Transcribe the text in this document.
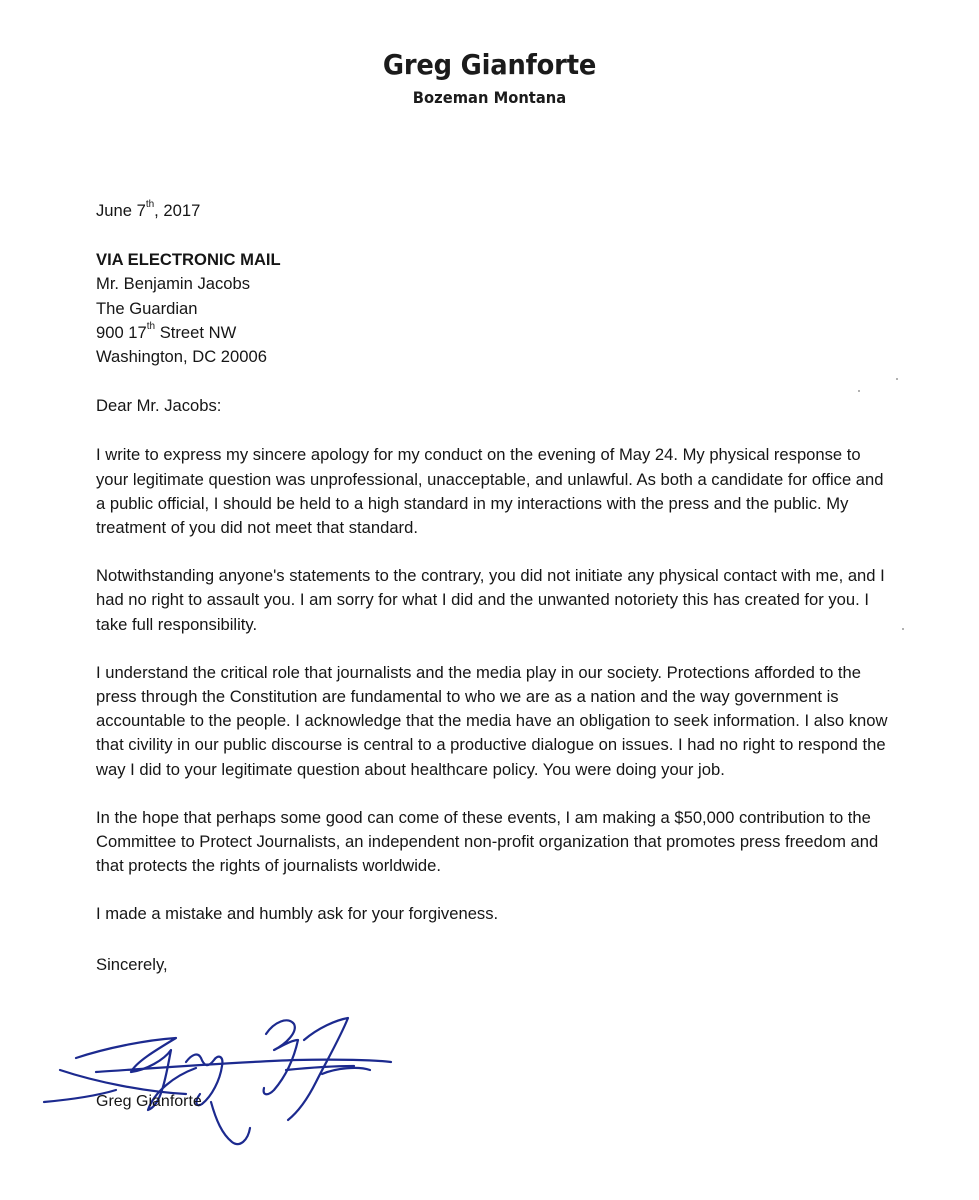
Greg Gianforte
Bozeman Montana

June 7th, 2017

VIA ELECTRONIC MAIL

Mr. Benjamin Jacobs

The Guardian

900 17th Street NW

Washington, DC 20006

Dear Mr. Jacobs:

I write to express my sincere apology for my conduct on the evening of May 24. My physical response to your legitimate question was unprofessional, unacceptable, and unlawful. As both a candidate for office and a public official, I should be held to a high standard in my interactions with the press and the public. My treatment of you did not meet that standard.

Notwithstanding anyone's statements to the contrary, you did not initiate any physical contact with me, and I had no right to assault you. I am sorry for what I did and the unwanted notoriety this has created for you. I take full responsibility.

I understand the critical role that journalists and the media play in our society. Protections afforded to the press through the Constitution are fundamental to who we are as a nation and the way government is accountable to the people. I acknowledge that the media have an obligation to seek information. I also know that civility in our public discourse is central to a productive dialogue on issues. I had no right to respond the way I did to your legitimate question about healthcare policy. You were doing your job.

In the hope that perhaps some good can come of these events, I am making a $50,000 contribution to the Committee to Protect Journalists, an independent non-profit organization that promotes press freedom and that protects the rights of journalists worldwide.

I made a mistake and humbly ask for your forgiveness.

Sincerely,

Greg Gianforte
